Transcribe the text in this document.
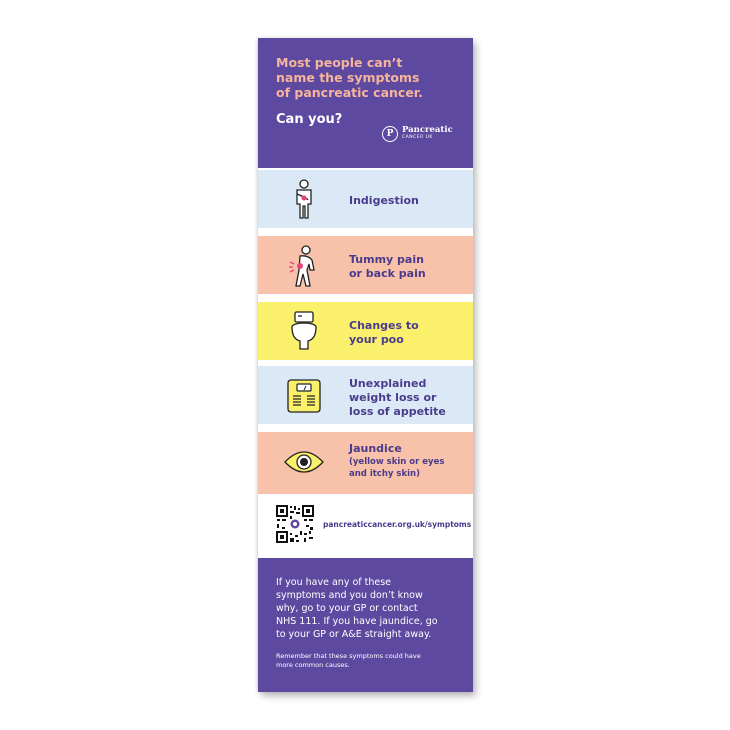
Most people can’t
name the symptoms
of pancreatic cancer.
Can you?
P	Pancreatic
CANCER UK
Indigestion
Tummy pain
or back pain
Changes to
your poo
Unexplained
weight loss or
loss of appetite
Jaundice
(yellow skin or eyes
and itchy skin)
pancreaticcancer.org.uk/symptoms
If you have any of these
symptoms and you don’t know
why, go to your GP or contact
NHS 111. If you have jaundice, go
to your GP or A&E straight away.
Remember that these symptoms could have
more common causes.
